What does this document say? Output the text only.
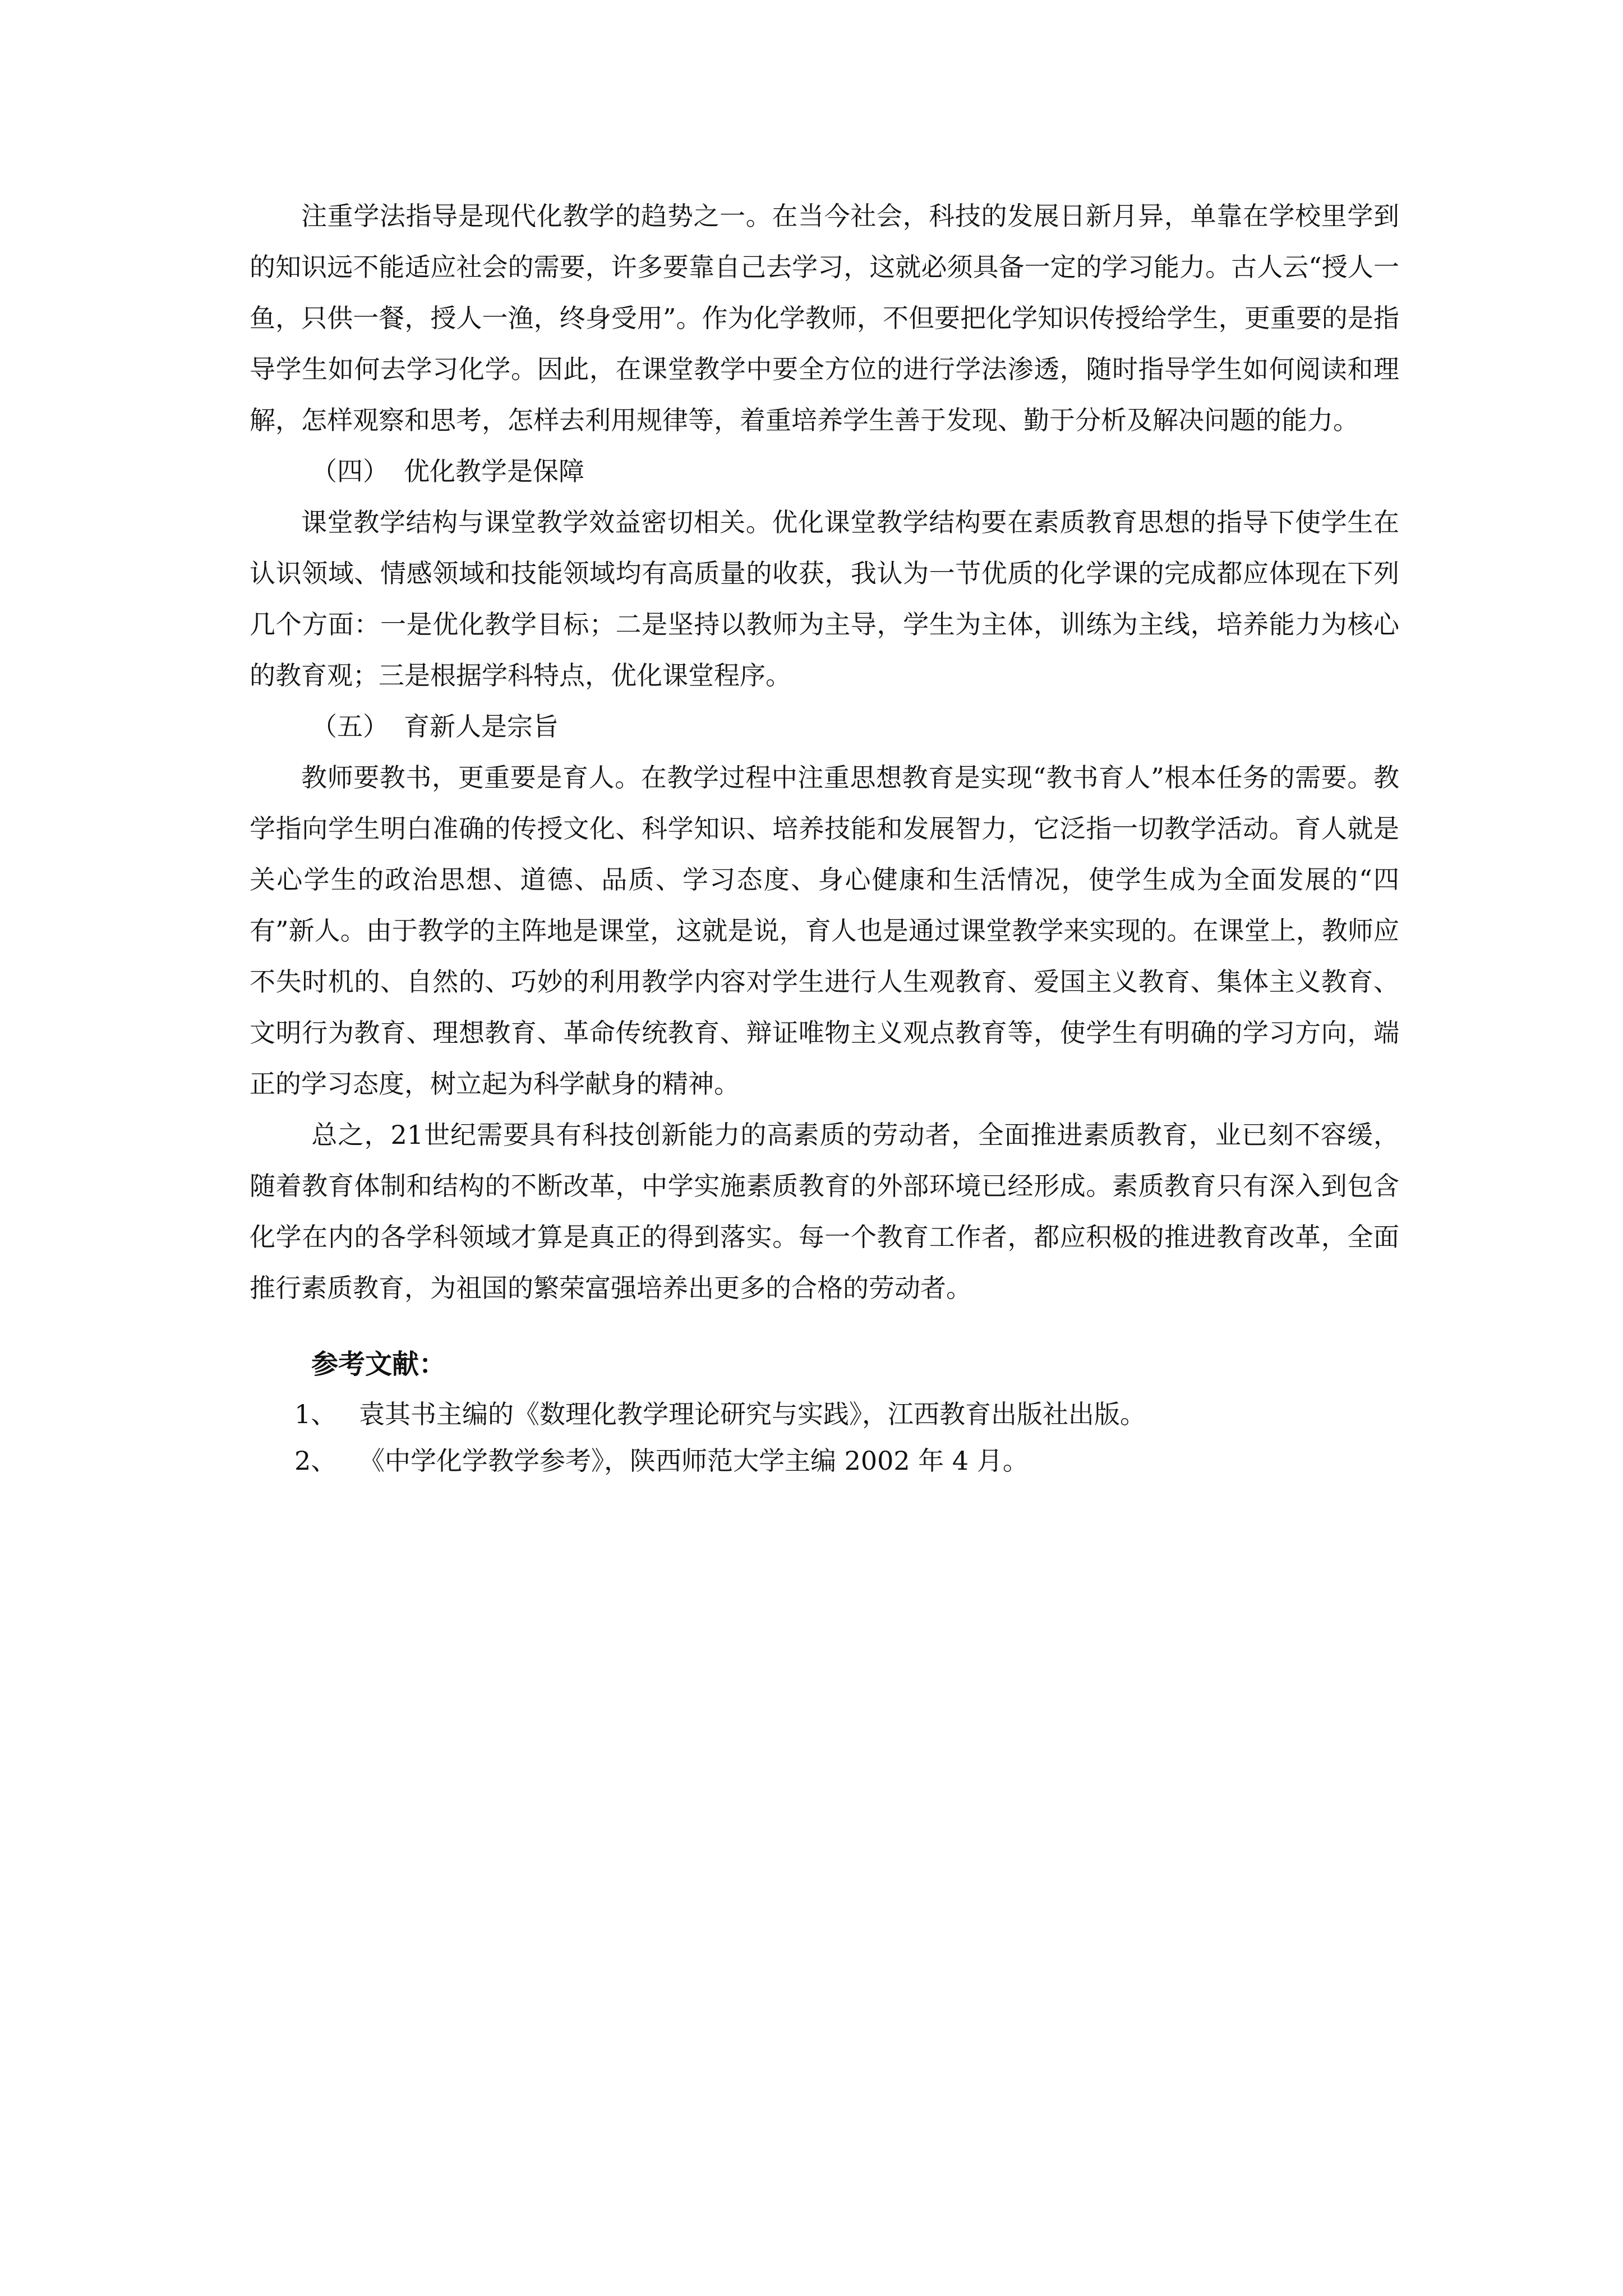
注重学法指导是现代化教学的趋势之一。在当今社会，科技的发展日新月异，单靠在学校里学到的知识远不能适应社会的需要，许多要靠自己去学习，这就必须具备一定的学习能力。古人云“授人一鱼，只供一餐，授人一渔，终身受用”。作为化学教师，不但要把化学知识传授给学生，更重要的是指导学生如何去学习化学。因此，在课堂教学中要全方位的进行学法渗透，随时指导学生如何阅读和理解，怎样观察和思考，怎样去利用规律等，着重培养学生善于发现、勤于分析及解决问题的能力。

（四） 优化教学是保障

课堂教学结构与课堂教学效益密切相关。优化课堂教学结构要在素质教育思想的指导下使学生在认识领域、情感领域和技能领域均有高质量的收获，我认为一节优质的化学课的完成都应体现在下列几个方面：一是优化教学目标；二是坚持以教师为主导，学生为主体，训练为主线，培养能力为核心的教育观；三是根据学科特点，优化课堂程序。

（五） 育新人是宗旨

教师要教书，更重要是育人。在教学过程中注重思想教育是实现“教书育人”根本任务的需要。教学指向学生明白准确的传授文化、科学知识、培养技能和发展智力，它泛指一切教学活动。育人就是关心学生的政治思想、道德、品质、学习态度、身心健康和生活情况，使学生成为全面发展的“四有”新人。由于教学的主阵地是课堂，这就是说，育人也是通过课堂教学来实现的。在课堂上，教师应不失时机的、自然的、巧妙的利用教学内容对学生进行人生观教育、爱国主义教育、集体主义教育、文明行为教育、理想教育、革命传统教育、辩证唯物主义观点教育等，使学生有明确的学习方向，端正的学习态度，树立起为科学献身的精神。

总之，21世纪需要具有科技创新能力的高素质的劳动者，全面推进素质教育，业已刻不容缓，随着教育体制和结构的不断改革，中学实施素质教育的外部环境已经形成。素质教育只有深入到包含化学在内的各学科领域才算是真正的得到落实。每一个教育工作者，都应积极的推进教育改革，全面推行素质教育，为祖国的繁荣富强培养出更多的合格的劳动者。

参考文献：

1、 袁其书主编的《数理化教学理论研究与实践》，江西教育出版社出版。

2、 《中学化学教学参考》，陕西师范大学主编 2002 年 4 月。
